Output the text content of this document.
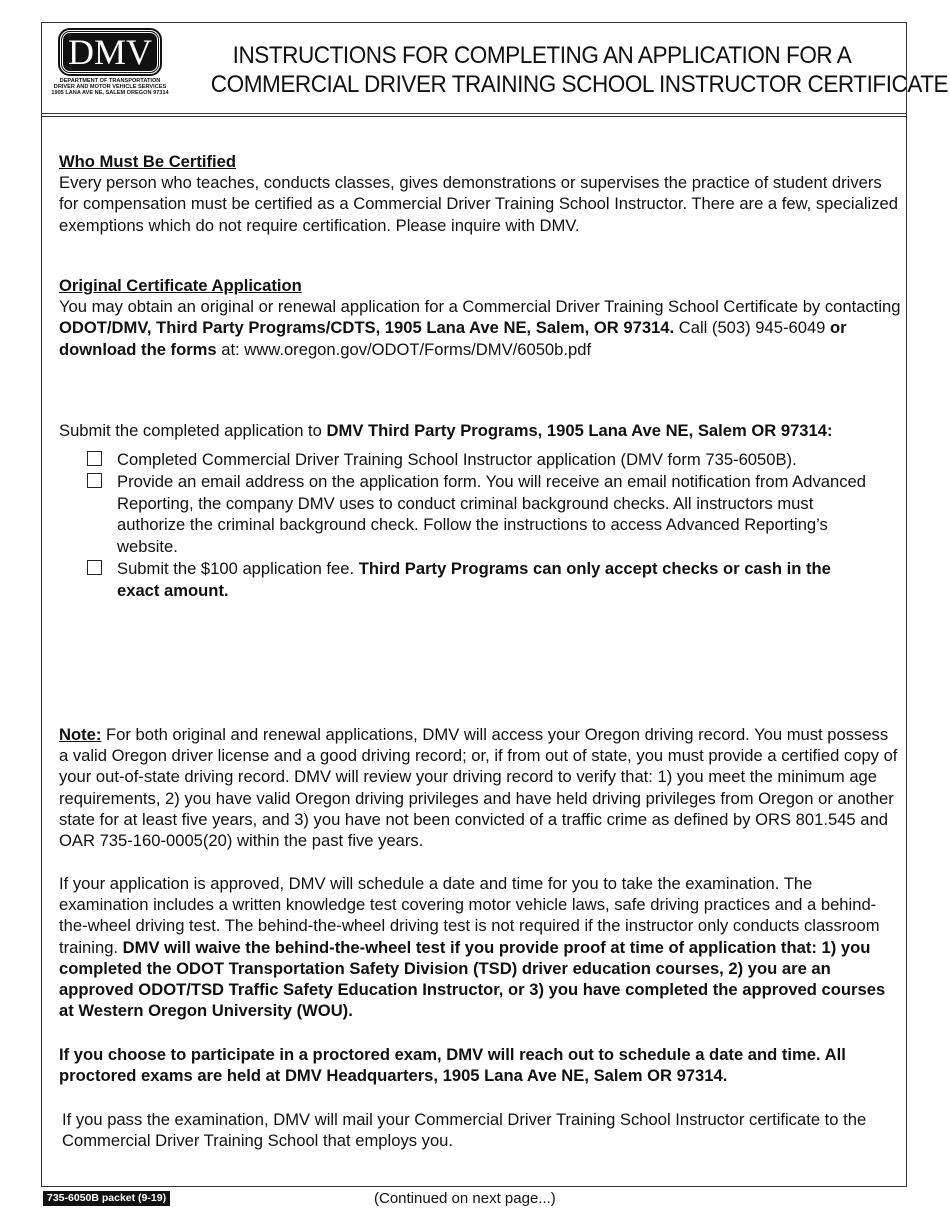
DMV
DEPARTMENT OF TRANSPORTATION
DRIVER AND MOTOR VEHICLE SERVICES
1905 LANA AVE NE, SALEM OREGON 97314
INSTRUCTIONS FOR COMPLETING AN APPLICATION FOR A
COMMERCIAL DRIVER TRAINING SCHOOL INSTRUCTOR CERTIFICATE
Who Must Be Certified
Every person who teaches, conducts classes, gives demonstrations or supervises the practice of student drivers for compensation must be certified as a Commercial Driver Training School Instructor. There are a few, specialized exemptions which do not require certification. Please inquire with DMV.
Original Certificate Application
You may obtain an original or renewal application for a Commercial Driver Training School Certificate by contacting ODOT/DMV, Third Party Programs/CDTS, 1905 Lana Ave NE, Salem, OR 97314. Call (503) 945-6049 or download the forms at: www.oregon.gov/ODOT/Forms/DMV/6050b.pdf
Submit the completed application to DMV Third Party Programs, 1905 Lana Ave NE, Salem OR 97314:
Completed Commercial Driver Training School Instructor application (DMV form 735-6050B).
Provide an email address on the application form. You will receive an email notification from Advanced Reporting, the company DMV uses to conduct criminal background checks. All instructors must authorize the criminal background check. Follow the instructions to access Advanced Reporting’s website.
Submit the $100 application fee. Third Party Programs can only accept checks or cash in the exact amount.
Note: For both original and renewal applications, DMV will access your Oregon driving record. You must possess a valid Oregon driver license and a good driving record; or, if from out of state, you must provide a certified copy of your out-of-state driving record. DMV will review your driving record to verify that: 1) you meet the minimum age requirements, 2) you have valid Oregon driving privileges and have held driving privileges from Oregon or another state for at least five years, and 3) you have not been convicted of a traffic crime as defined by ORS 801.545 and OAR 735-160-0005(20) within the past five years.
If your application is approved, DMV will schedule a date and time for you to take the examination. The examination includes a written knowledge test covering motor vehicle laws, safe driving practices and a behind-the-wheel driving test. The behind-the-wheel driving test is not required if the instructor only conducts classroom training. DMV will waive the behind-the-wheel test if you provide proof at time of application that: 1) you completed the ODOT Transportation Safety Division (TSD) driver education courses, 2) you are an approved ODOT/TSD Traffic Safety Education Instructor, or 3) you have completed the approved courses at Western Oregon University (WOU).
If you choose to participate in a proctored exam, DMV will reach out to schedule a date and time. All proctored exams are held at DMV Headquarters, 1905 Lana Ave NE, Salem OR 97314.
If you pass the examination, DMV will mail your Commercial Driver Training School Instructor certificate to the Commercial Driver Training School that employs you.
735-6050B packet (9-19)	(Continued on next page...)
